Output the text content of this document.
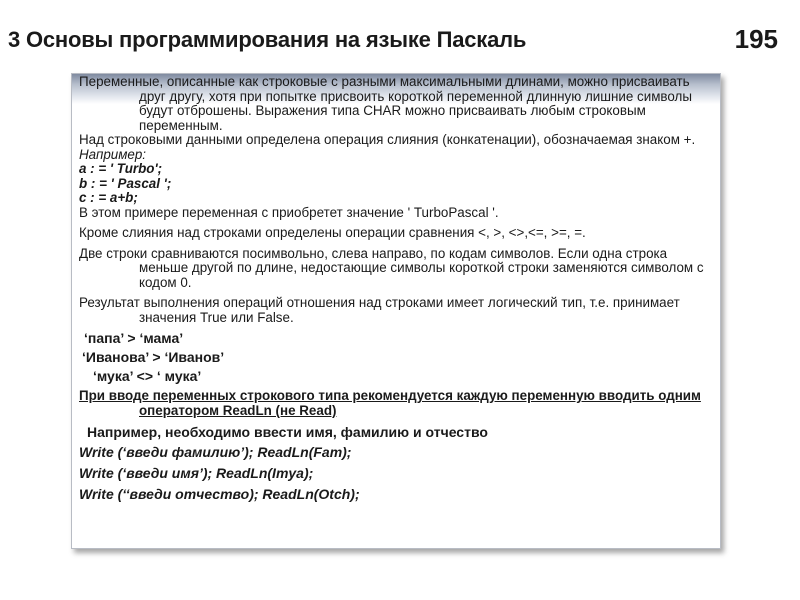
3 Основы программирования на языке Паскаль	195

Переменные, описанные как строковые с разными максимальными длинами, можно присваивать друг другу, хотя при попытке присвоить короткой переменной длинную лишние символы будут отброшены. Выражения типа CHAR можно присваивать любым строковым переменным.

Над строковыми данными определена операция слияния (конкатенации), обозначаемая знаком +.

Например:

a : = ' Turbo';

b : = ' Pascal ';

c : = a+b;

В этом примере переменная с приобретет значение ' TurboPascal '.

Кроме слияния над строками определены операции сравнения <, >, <>,<=, >=, =.

Две строки сравниваются посимвольно, слева направо, по кодам символов. Если одна строка меньше другой по длине, недостающие символы короткой строки заменяются символом с кодом 0.

Результат выполнения операций отношения над строками имеет логический тип, т.е. принимает значения True или False.

‘папа’ > ‘мама’

‘Иванова’ > ‘Иванов’

‘мука’ <> ‘ мука’

При вводе переменных строкового типа рекомендуется каждую переменную вводить одним оператором ReadLn (не Read)

Например, необходимо ввести имя, фамилию и отчество

Write (‘введи фамилию’); ReadLn(Fam);

Write (‘введи имя’); ReadLn(Imya);

Write (‘‘введи отчество); ReadLn(Otch);
